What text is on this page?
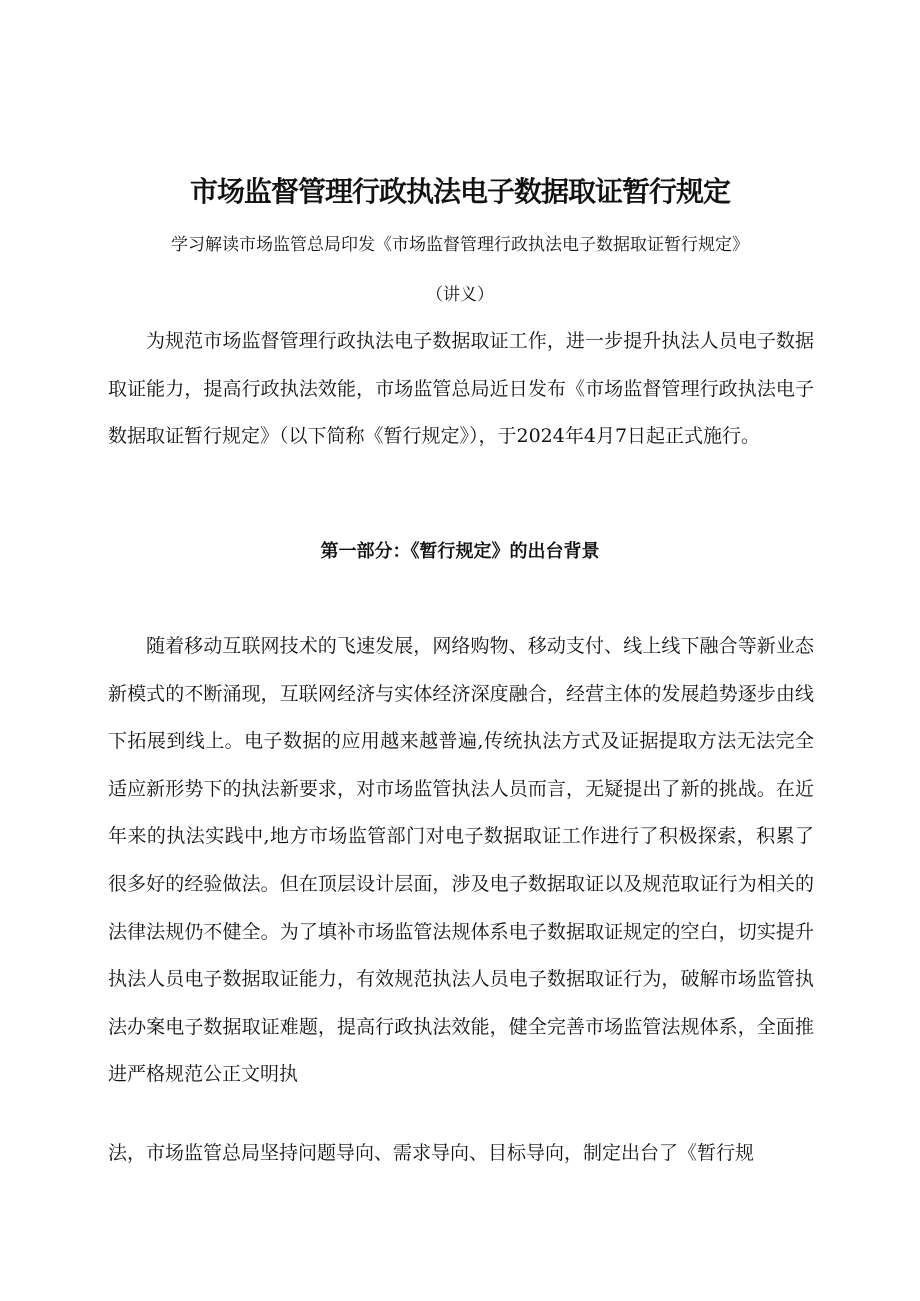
市场监督管理行政执法电子数据取证暂行规定
学习解读市场监管总局印发《市场监督管理行政执法电子数据取证暂行规定》
（讲义）

为规范市场监督管理行政执法电子数据取证工作，进一步提升执法人员电子数据取证能力，提高行政执法效能，市场监管总局近日发布《市场监督管理行政执法电子数据取证暂行规定》（以下简称《暂行规定》），于2024年4月7日起正式施行。

第一部分：《暂行规定》的出台背景

随着移动互联网技术的飞速发展，网络购物、移动支付、线上线下融合等新业态新模式的不断涌现，互联网经济与实体经济深度融合，经营主体的发展趋势逐步由线下拓展到线上。电子数据的应用越来越普遍,传统执法方式及证据提取方法无法完全适应新形势下的执法新要求，对市场监管执法人员而言，无疑提出了新的挑战。在近年来的执法实践中,地方市场监管部门对电子数据取证工作进行了积极探索，积累了很多好的经验做法。但在顶层设计层面，涉及电子数据取证以及规范取证行为相关的法律法规仍不健全。为了填补市场监管法规体系电子数据取证规定的空白，切实提升执法人员电子数据取证能力，有效规范执法人员电子数据取证行为，破解市场监管执法办案电子数据取证难题，提高行政执法效能，健全完善市场监管法规体系，全面推进严格规范公正文明执

法，市场监管总局坚持问题导向、需求导向、目标导向，制定出台了《暂行规
